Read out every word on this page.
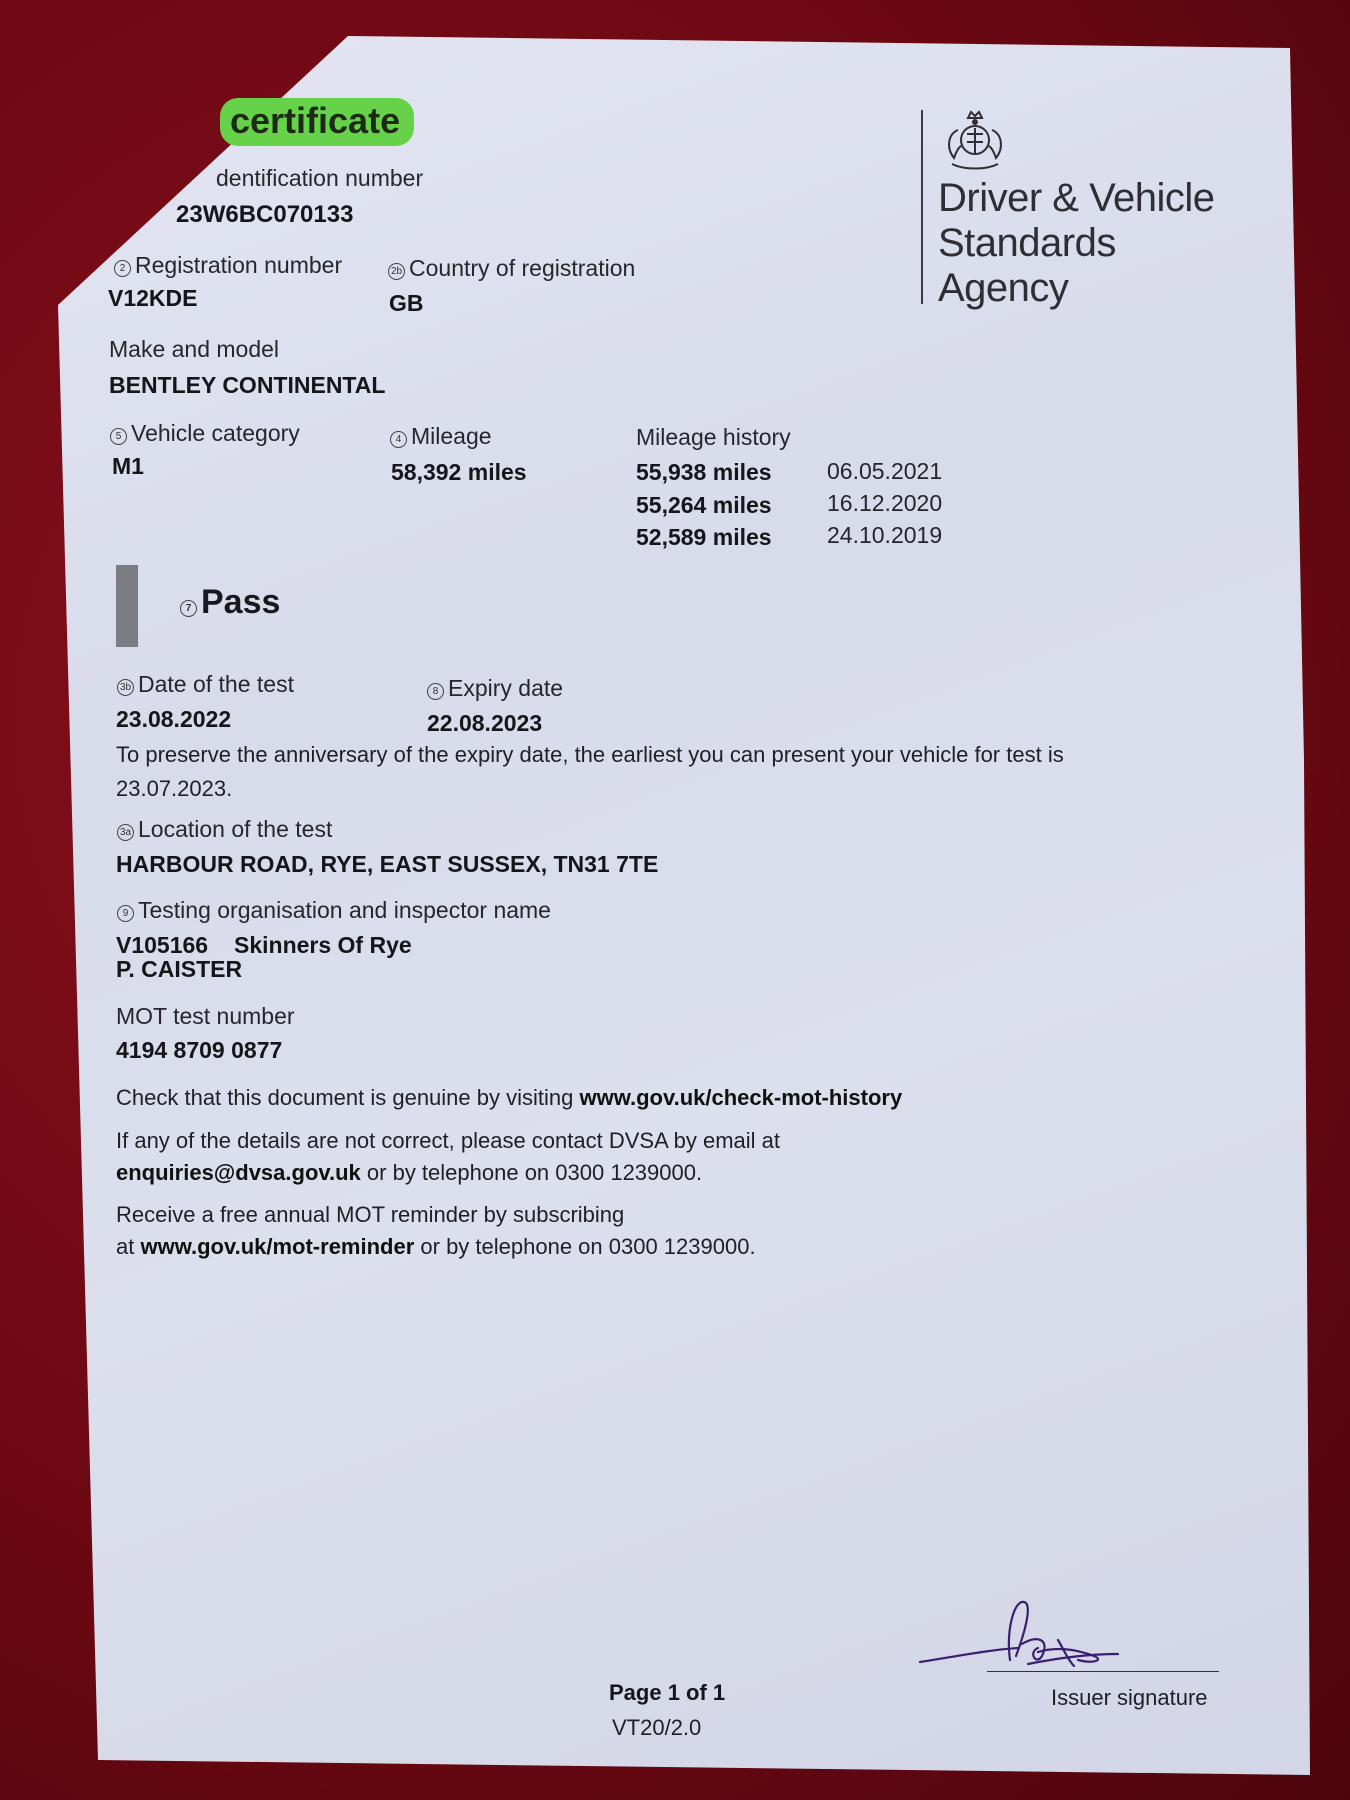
certificate
Driver & Vehicle
Standards
Agency
dentification number
23W6BC070133
2 Registration number
V12KDE
2b Country of registration
GB
Make and model
BENTLEY CONTINENTAL
5 Vehicle category
M1
4 Mileage
58,392 miles
Mileage history
55,938 miles 06.05.2021
55,264 miles 16.12.2020
52,589 miles 24.10.2019
7 Pass
3b Date of the test
23.08.2022
8 Expiry date
22.08.2023
To preserve the anniversary of the expiry date, the earliest you can present your vehicle for test is
23.07.2023.
3a Location of the test
HARBOUR ROAD, RYE, EAST SUSSEX, TN31 7TE
9 Testing organisation and inspector name
V105166 Skinners Of Rye
P. CAISTER
MOT test number
4194 8709 0877
Check that this document is genuine by visiting www.gov.uk/check-mot-history
If any of the details are not correct, please contact DVSA by email at
enquiries@dvsa.gov.uk or by telephone on 0300 1239000.
Receive a free annual MOT reminder by subscribing
at www.gov.uk/mot-reminder or by telephone on 0300 1239000.
Issuer signature
Page 1 of 1
VT20/2.0
